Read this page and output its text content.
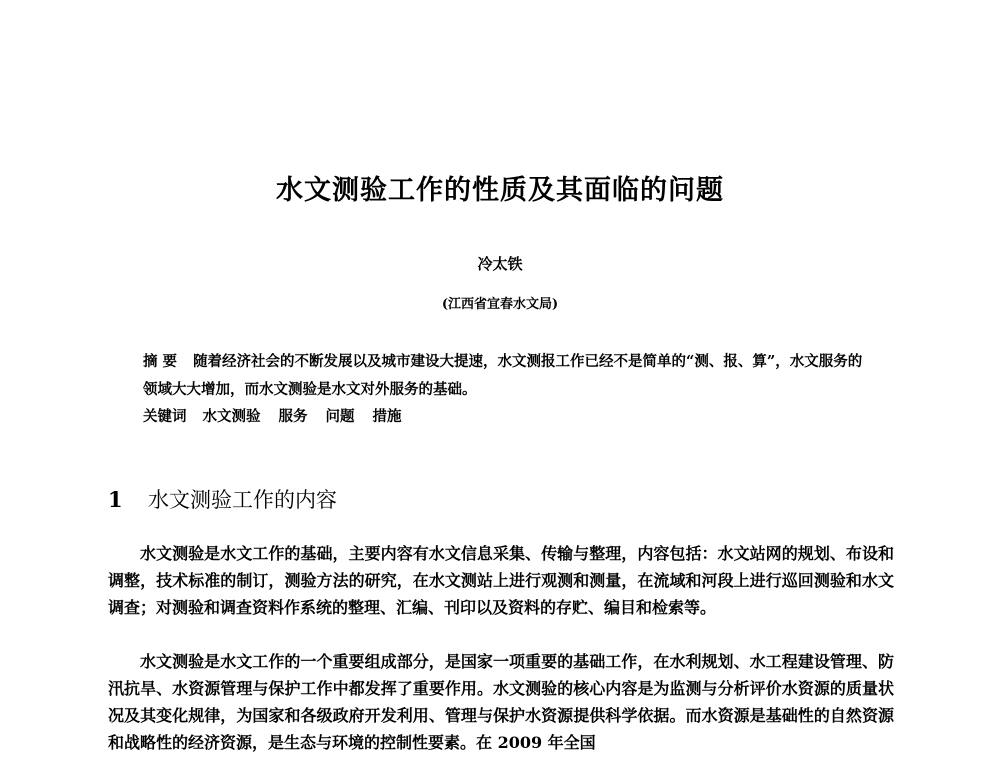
水文测验工作的性质及其面临的问题
冷太铁
(江西省宜春水文局)
摘 要 随着经济社会的不断发展以及城市建设大提速，水文测报工作已经不是简单的“测、报、算”，水文服务的领域大大增加，而水文测验是水文对外服务的基础。
关键词 水文测验 服务 问题 措施
1 水文测验工作的内容

水文测验是水文工作的基础，主要内容有水文信息采集、传输与整理，内容包括：水文站网的规划、布设和调整，技术标准的制订，测验方法的研究，在水文测站上进行观测和测量，在流域和河段上进行巡回测验和水文调查；对测验和调查资料作系统的整理、汇编、刊印以及资料的存贮、编目和检索等。

水文测验是水文工作的一个重要组成部分，是国家一项重要的基础工作，在水利规划、水工程建设管理、防汛抗旱、水资源管理与保护工作中都发挥了重要作用。水文测验的核心内容是为监测与分析评价水资源的质量状况及其变化规律，为国家和各级政府开发利用、管理与保护水资源提供科学依据。而水资源是基础性的自然资源和战略性的经济资源，是生态与环境的控制性要素。在 2009 年全国
